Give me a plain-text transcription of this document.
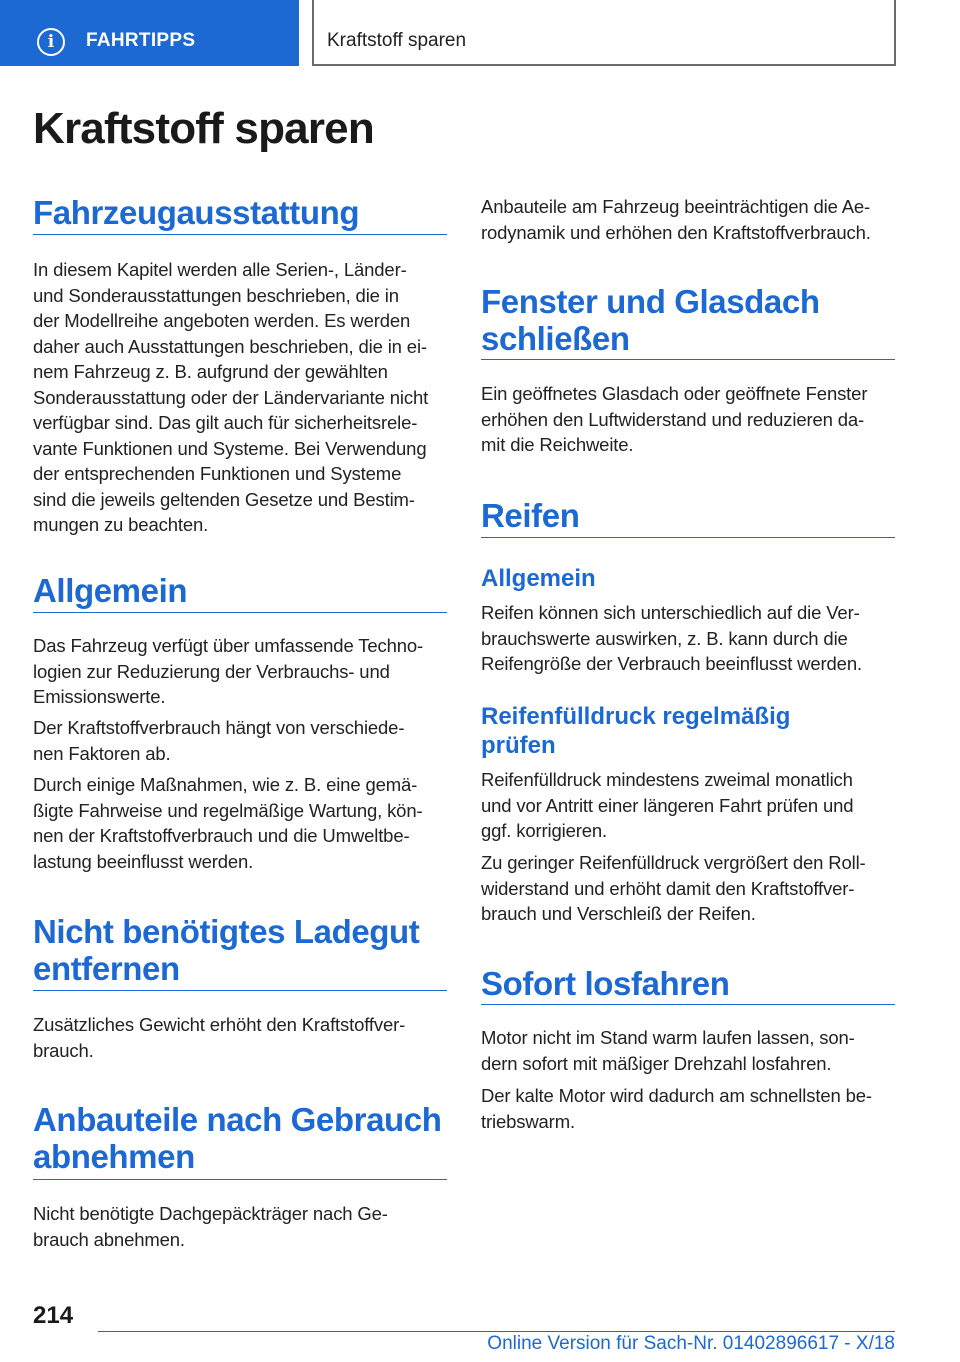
i	FAHRTIPPS	Kraftstoff sparen
Kraftstoff sparen
Fahrzeugausstattung

In diesem Kapitel werden alle Serien-, Länder-
und Sonderausstattungen beschrieben, die in
der Modellreihe angeboten werden. Es werden
daher auch Ausstattungen beschrieben, die in ei-
nem Fahrzeug z. B. aufgrund der gewählten
Sonderausstattung oder der Ländervariante nicht
verfügbar sind. Das gilt auch für sicherheitsrele-
vante Funktionen und Systeme. Bei Verwendung
der entsprechenden Funktionen und Systeme
sind die jeweils geltenden Gesetze und Bestim-
mungen zu beachten.

Allgemein

Das Fahrzeug verfügt über umfassende Techno-
logien zur Reduzierung der Verbrauchs- und
Emissionswerte.

Der Kraftstoffverbrauch hängt von verschiede-
nen Faktoren ab.

Durch einige Maßnahmen, wie z. B. eine gemä-
ßigte Fahrweise und regelmäßige Wartung, kön-
nen der Kraftstoffverbrauch und die Umweltbe-
lastung beeinflusst werden.

Nicht benötigtes Ladegut
entfernen

Zusätzliches Gewicht erhöht den Kraftstoffver-
brauch.

Anbauteile nach Gebrauch
abnehmen

Nicht benötigte Dachgepäckträger nach Ge-
brauch abnehmen.

Anbauteile am Fahrzeug beeinträchtigen die Ae-
rodynamik und erhöhen den Kraftstoffverbrauch.

Fenster und Glasdach
schließen

Ein geöffnetes Glasdach oder geöffnete Fenster
erhöhen den Luftwiderstand und reduzieren da-
mit die Reichweite.

Reifen
Allgemein

Reifen können sich unterschiedlich auf die Ver-
brauchswerte auswirken, z. B. kann durch die
Reifengröße der Verbrauch beeinflusst werden.

Reifenfülldruck regelmäßig
prüfen

Reifenfülldruck mindestens zweimal monatlich
und vor Antritt einer längeren Fahrt prüfen und
ggf. korrigieren.

Zu geringer Reifenfülldruck vergrößert den Roll-
widerstand und erhöht damit den Kraftstoffver-
brauch und Verschleiß der Reifen.

Sofort losfahren

Motor nicht im Stand warm laufen lassen, son-
dern sofort mit mäßiger Drehzahl losfahren.

Der kalte Motor wird dadurch am schnellsten be-
triebswarm.

214
Online Version für Sach-Nr. 01402896617 - X/18
